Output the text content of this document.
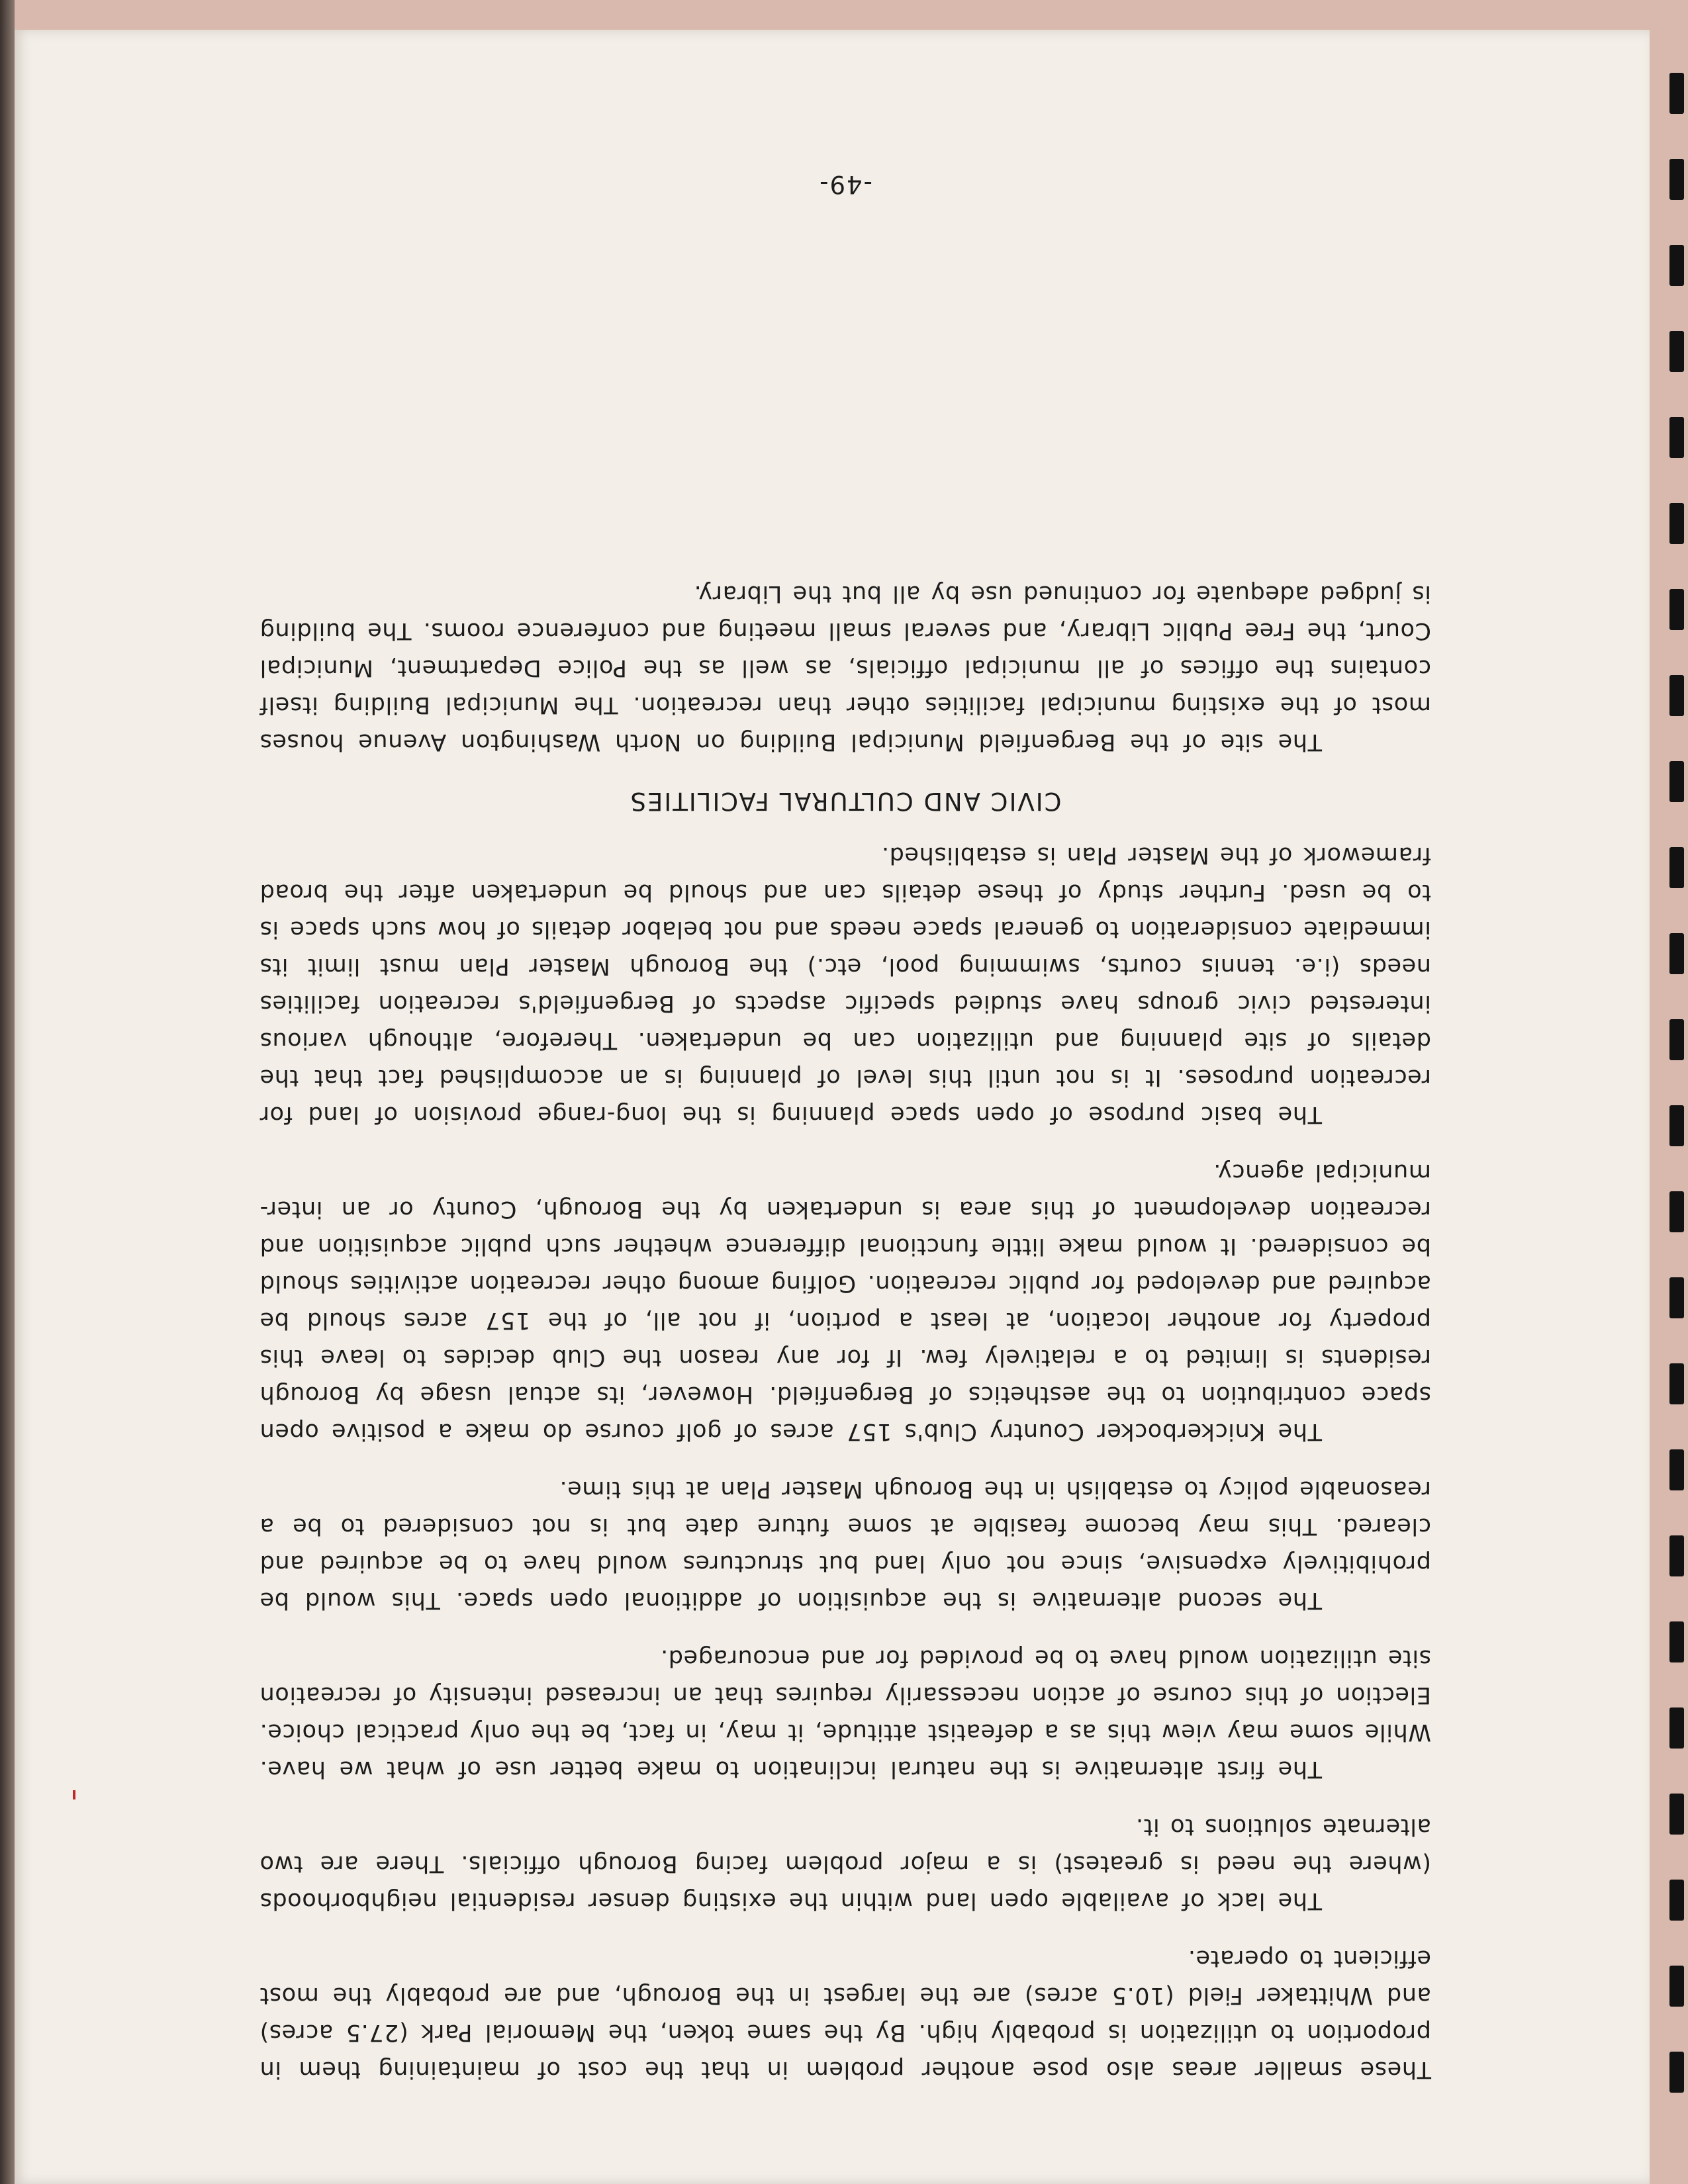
These smaller areas also pose another problem in that the cost of maintaining them in proportion to utilization is probably high. By the same token, the Memorial Park (27.5 acres) and Whittaker Field (10.5 acres) are the largest in the Borough, and are probably the most efficient to operate.

The lack of available open land within the existing denser residential neighborhoods (where the need is greatest) is a major problem facing Borough officials. There are two alternate solutions to it.

The first alternative is the natural inclination to make better use of what we have. While some may view this as a defeatist attitude, it may, in fact, be the only practical choice. Election of this course of action necessarily requires that an increased intensity of recreation site utilization would have to be provided for and encouraged.

The second alternative is the acquisition of additional open space. This would be prohibitively expensive, since not only land but structures would have to be acquired and cleared. This may become feasible at some future date but is not considered to be a reasonable policy to establish in the Borough Master Plan at this time.

The Knickerbocker Country Club's 157 acres of golf course do make a positive open space contribution to the aesthetics of Bergenfield. However, its actual usage by Borough residents is limited to a relatively few. If for any reason the Club decides to leave this property for another location, at least a portion, if not all, of the 157 acres should be acquired and developed for public recreation. Golfing among other recreation activities should be considered. It would make little functional difference whether such public acquisition and recreation development of this area is undertaken by the Borough, County or an inter-municipal agency.

The basic purpose of open space planning is the long-range provision of land for recreation purposes. It is not until this level of planning is an accomplished fact that the details of site planning and utilization can be undertaken. Therefore, although various interested civic groups have studied specific aspects of Bergenfield's recreation facilities needs (i.e. tennis courts, swimming pool, etc.) the Borough Master Plan must limit its immediate consideration to general space needs and not belabor details of how such space is to be used. Further study of these details can and should be undertaken after the broad framework of the Master Plan is established.

CIVIC AND CULTURAL FACILITIES

The site of the Bergenfield Municipal Building on North Washington Avenue houses most of the existing municipal facilities other than recreation. The Municipal Building itself contains the offices of all municipal officials, as well as the Police Department, Municipal Court, the Free Public Library, and several small meeting and conference rooms. The building is judged adequate for continued use by all but the Library.

-49-
